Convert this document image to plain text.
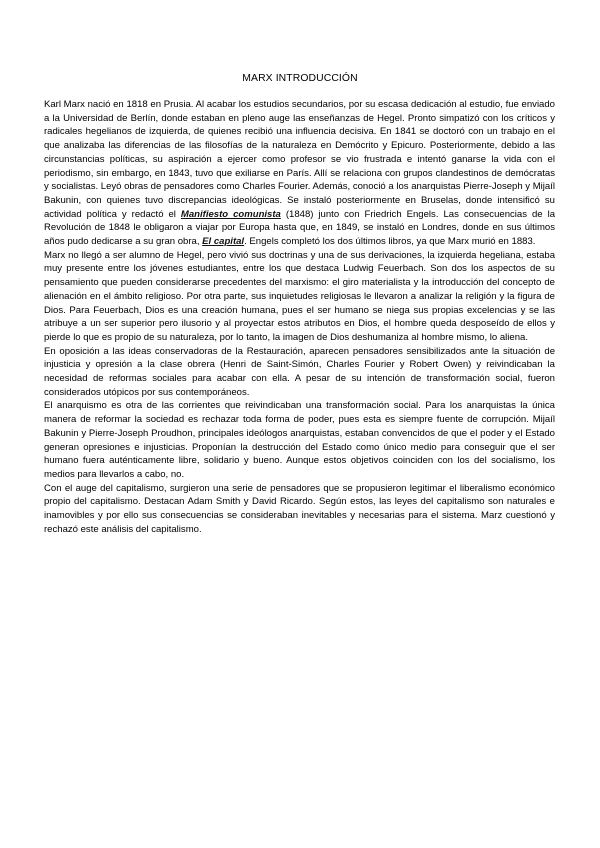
MARX INTRODUCCIÓN

Karl Marx nació en 1818 en Prusia. Al acabar los estudios secundarios, por su escasa dedicación al estudio, fue enviado a la Universidad de Berlín, donde estaban en pleno auge las enseñanzas de Hegel. Pronto simpatizó con los críticos y radicales hegelianos de izquierda, de quienes recibió una influencia decisiva. En 1841 se doctoró con un trabajo en el que analizaba las diferencias de las filosofías de la naturaleza en Demócrito y Epicuro. Posteriormente, debido a las circunstancias políticas, su aspiración a ejercer como profesor se vio frustrada e intentó ganarse la vida con el periodismo, sin embargo, en 1843, tuvo que exiliarse en París. Allí se relaciona con grupos clandestinos de demócratas y socialistas. Leyó obras de pensadores como Charles Fourier. Además, conoció a los anarquistas Pierre-Joseph y Mijaíl Bakunin, con quienes tuvo discrepancias ideológicas. Se instaló posteriormente en Bruselas, donde intensificó su actividad política y redactó el Manifiesto comunista (1848) junto con Friedrich Engels. Las consecuencias de la Revolución de 1848 le obligaron a viajar por Europa hasta que, en 1849, se instaló en Londres, donde en sus últimos años pudo dedicarse a su gran obra, El capital. Engels completó los dos últimos libros, ya que Marx murió en 1883.

Marx no llegó a ser alumno de Hegel, pero vivió sus doctrinas y una de sus derivaciones, la izquierda hegeliana, estaba muy presente entre los jóvenes estudiantes, entre los que destaca Ludwig Feuerbach. Son dos los aspectos de su pensamiento que pueden considerarse precedentes del marxismo: el giro materialista y la introducción del concepto de alienación en el ámbito religioso. Por otra parte, sus inquietudes religiosas le llevaron a analizar la religión y la figura de Dios. Para Feuerbach, Dios es una creación humana, pues el ser humano se niega sus propias excelencias y se las atribuye a un ser superior pero ilusorio y al proyectar estos atributos en Dios, el hombre queda desposeído de ellos y pierde lo que es propio de su naturaleza, por lo tanto, la imagen de Dios deshumaniza al hombre mismo, lo aliena.

En oposición a las ideas conservadoras de la Restauración, aparecen pensadores sensibilizados ante la situación de injusticia y opresión a la clase obrera (Henri de Saint-Simón, Charles Fourier y Robert Owen) y reivindicaban la necesidad de reformas sociales para acabar con ella. A pesar de su intención de transformación social, fueron considerados utópicos por sus contemporáneos.

El anarquismo es otra de las corrientes que reivindicaban una transformación social. Para los anarquistas la única manera de reformar la sociedad es rechazar toda forma de poder, pues esta es siempre fuente de corrupción. Mijaíl Bakunin y Pierre-Joseph Proudhon, principales ideólogos anarquistas, estaban convencidos de que el poder y el Estado generan opresiones e injusticias. Proponían la destrucción del Estado como único medio para conseguir que el ser humano fuera auténticamente libre, solidario y bueno. Aunque estos objetivos coinciden con los del socialismo, los medios para llevarlos a cabo, no.

Con el auge del capitalismo, surgieron una serie de pensadores que se propusieron legitimar el liberalismo económico propio del capitalismo. Destacan Adam Smith y David Ricardo. Según estos, las leyes del capitalismo son naturales e inamovibles y por ello sus consecuencias se consideraban inevitables y necesarias para el sistema. Marz cuestionó y rechazó este análisis del capitalismo.
